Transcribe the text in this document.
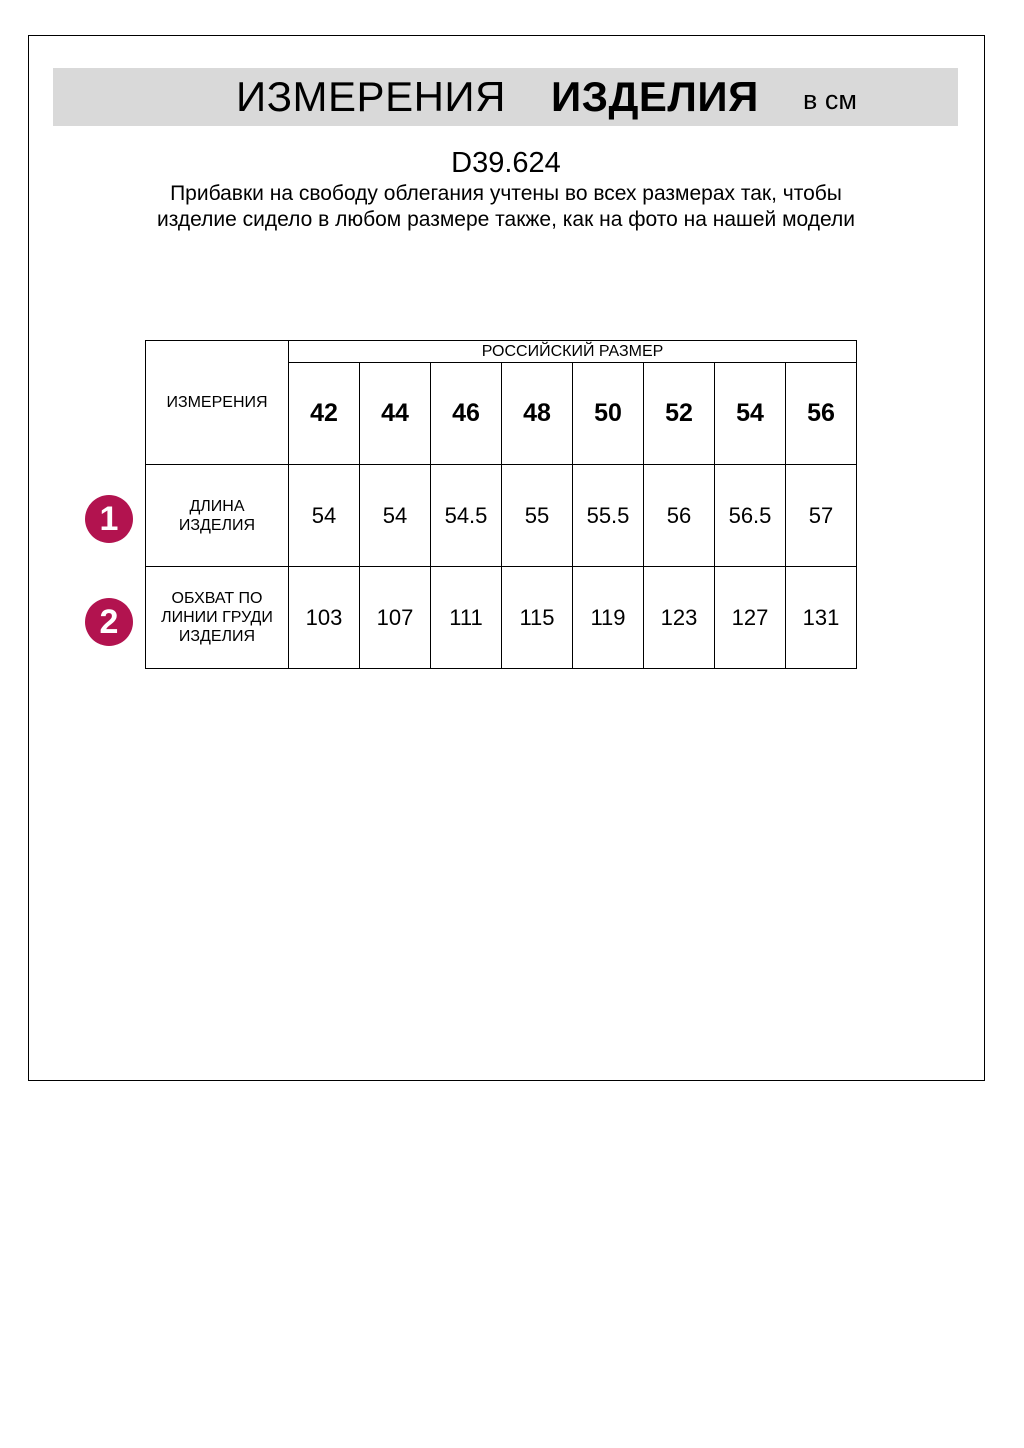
ИЗМЕРЕНИЯ ИЗДЕЛИЯ в см
D39.624
Прибавки на свободу облегания учтены во всех размерах так, чтобы изделие сидело в любом размере также, как на фото на нашей модели
1
2
ИЗМЕРЕНИЯ	РОССИЙСКИЙ РАЗМЕР							
	42	44	46	48	50	52	54	56

ДЛИНА ИЗДЕЛИЯ	54	54	54.5	55	55.5	56	56.5	57

ОБХВАТ ПО ЛИНИИ ГРУДИ ИЗДЕЛИЯ	103	107	111	115	119	123	127	131
